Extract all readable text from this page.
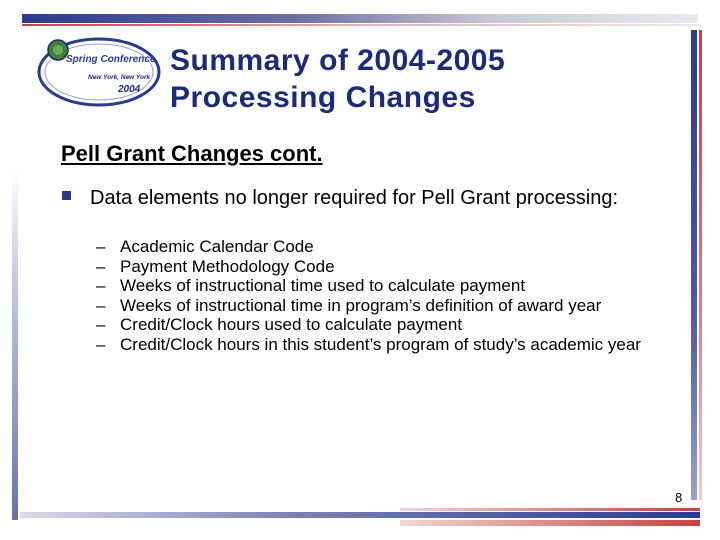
Spring Conference
New York, New York
2004
Summary of 2004-2005
Processing Changes
Pell Grant Changes cont.
Data elements no longer required for Pell Grant processing:
– Academic Calendar Code
– Payment Methodology Code
– Weeks of instructional time used to calculate payment
– Weeks of instructional time in program’s definition of award year
– Credit/Clock hours used to calculate payment
– Credit/Clock hours in this student’s program of study’s academic year
8
